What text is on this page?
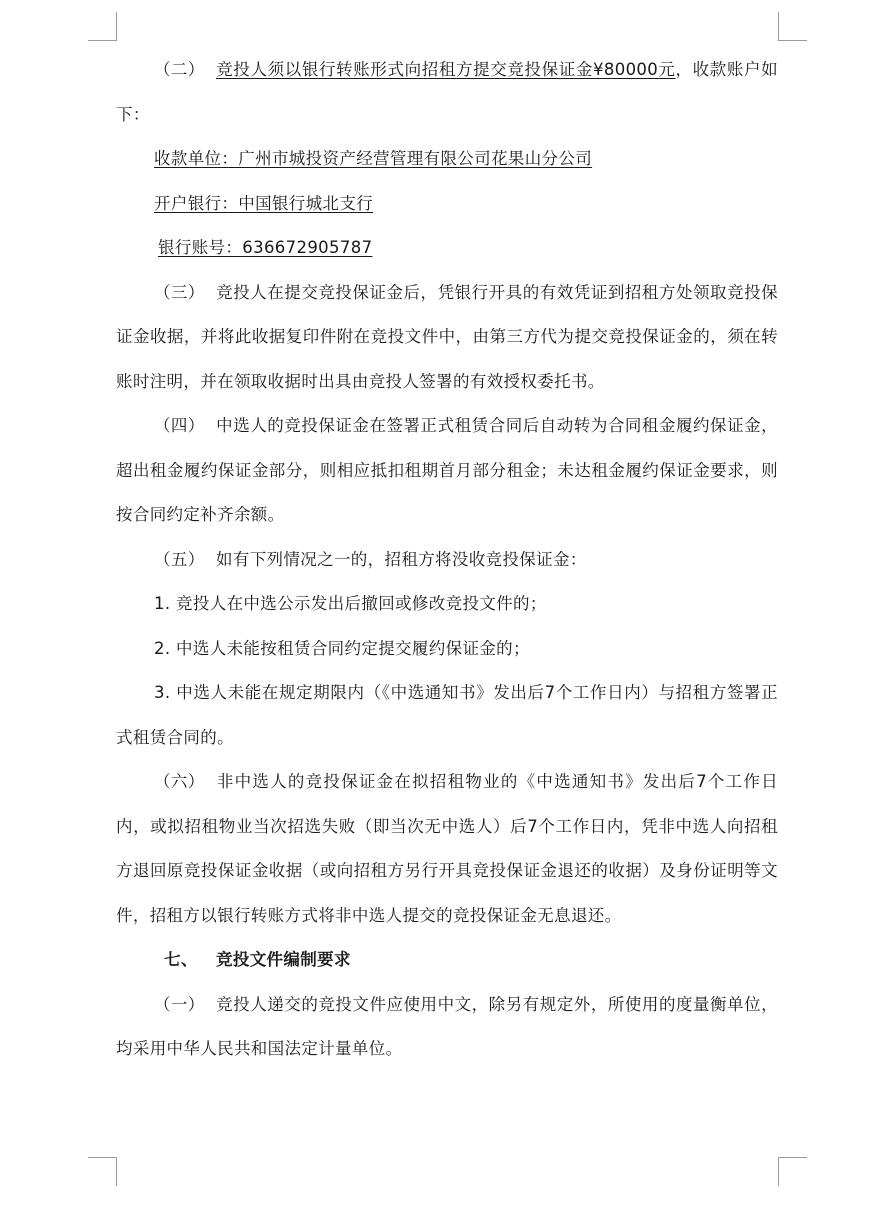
（二） 竞投人须以银行转账形式向招租方提交竞投保证金¥80000元，收款账户如下：

收款单位：广州市城投资产经营管理有限公司花果山分公司

开户银行：中国银行城北支行

银行账号：636672905787

（三） 竞投人在提交竞投保证金后，凭银行开具的有效凭证到招租方处领取竞投保证金收据，并将此收据复印件附在竞投文件中，由第三方代为提交竞投保证金的，须在转账时注明，并在领取收据时出具由竞投人签署的有效授权委托书。

（四） 中选人的竞投保证金在签署正式租赁合同后自动转为合同租金履约保证金，超出租金履约保证金部分，则相应抵扣租期首月部分租金；未达租金履约保证金要求，则按合同约定补齐余额。

（五） 如有下列情况之一的，招租方将没收竞投保证金：

1. 竞投人在中选公示发出后撤回或修改竞投文件的；

2. 中选人未能按租赁合同约定提交履约保证金的；

3. 中选人未能在规定期限内（《中选通知书》发出后7个工作日内）与招租方签署正式租赁合同的。

（六） 非中选人的竞投保证金在拟招租物业的《中选通知书》发出后7个工作日内，或拟招租物业当次招选失败（即当次无中选人）后7个工作日内，凭非中选人向招租方退回原竞投保证金收据（或向招租方另行开具竞投保证金退还的收据）及身份证明等文件，招租方以银行转账方式将非中选人提交的竞投保证金无息退还。

七、 竞投文件编制要求

（一） 竞投人递交的竞投文件应使用中文，除另有规定外，所使用的度量衡单位，均采用中华人民共和国法定计量单位。
